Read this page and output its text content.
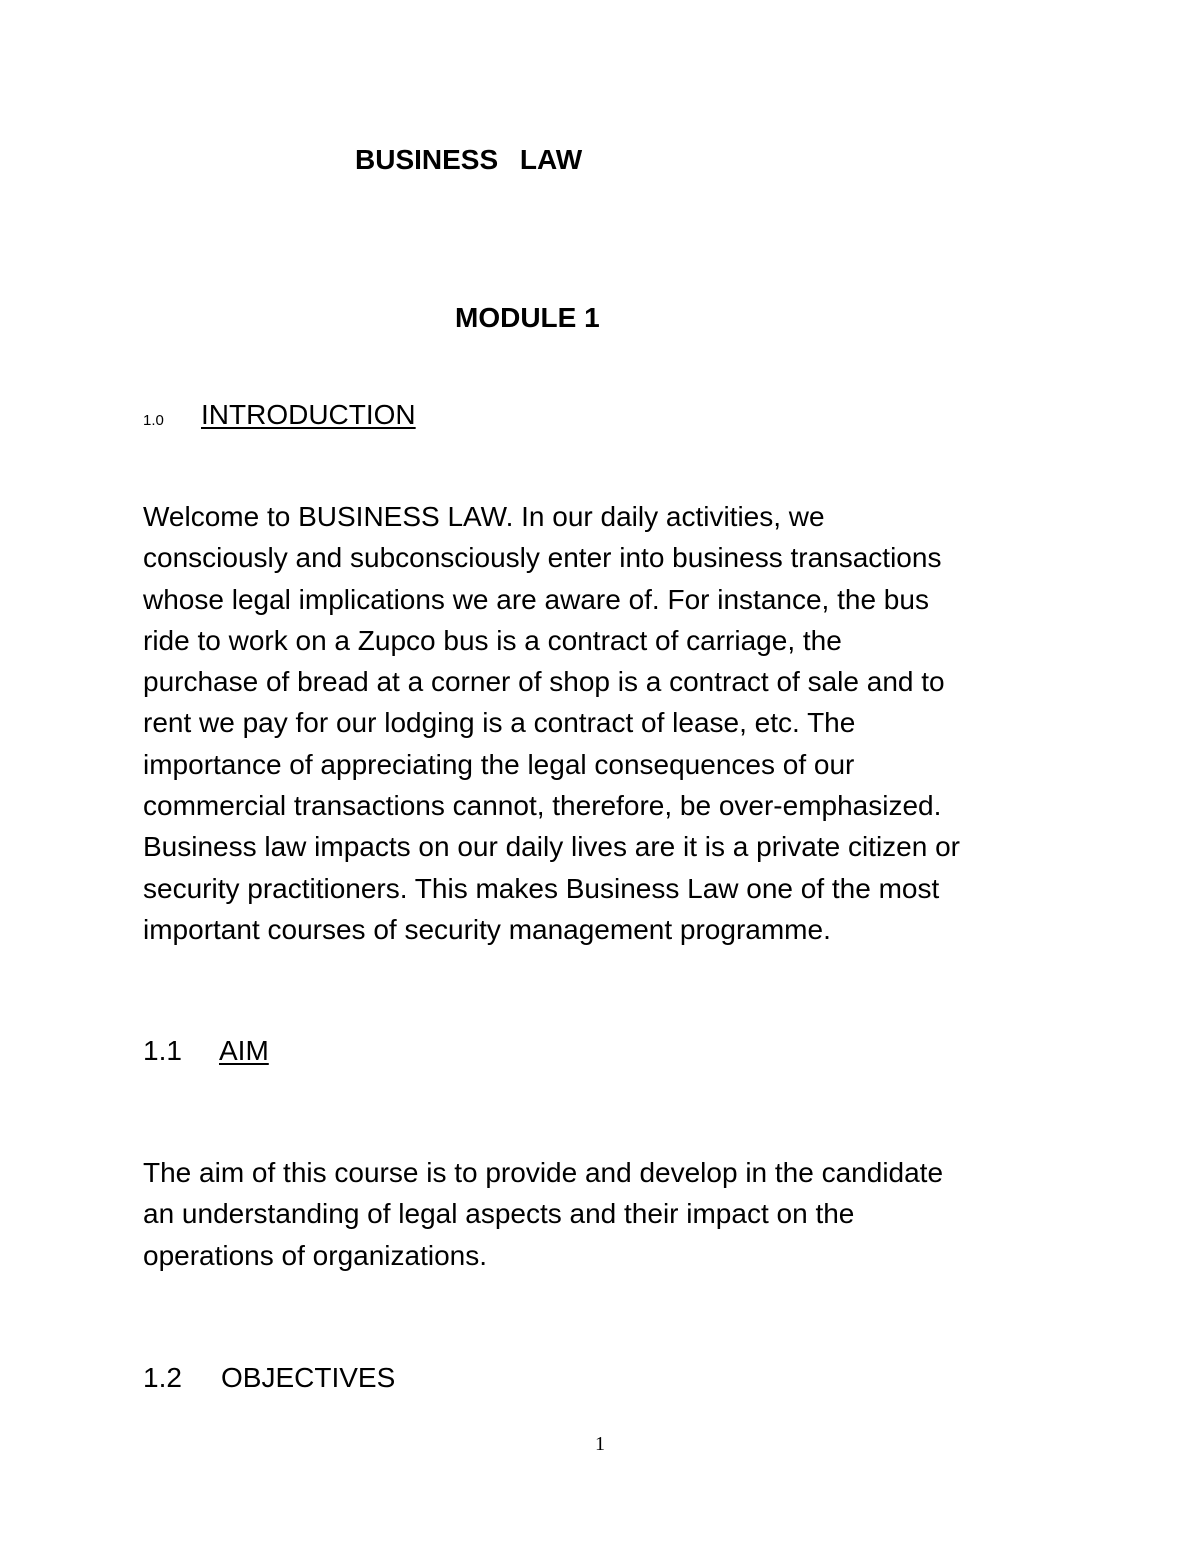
BUSINESS LAW
MODULE 1
1.0 INTRODUCTION
Welcome to BUSINESS LAW. In our daily activities, we
consciously and subconsciously enter into business transactions
whose legal implications we are aware of. For instance, the bus
ride to work on a Zupco bus is a contract of carriage, the
purchase of bread at a corner of shop is a contract of sale and to
rent we pay for our lodging is a contract of lease, etc. The
importance of appreciating the legal consequences of our
commercial transactions cannot, therefore, be over-emphasized.
Business law impacts on our daily lives are it is a private citizen or
security practitioners. This makes Business Law one of the most
important courses of security management programme.
1.1 AIM
The aim of this course is to provide and develop in the candidate
an understanding of legal aspects and their impact on the
operations of organizations.
1.2 OBJECTIVES
1
